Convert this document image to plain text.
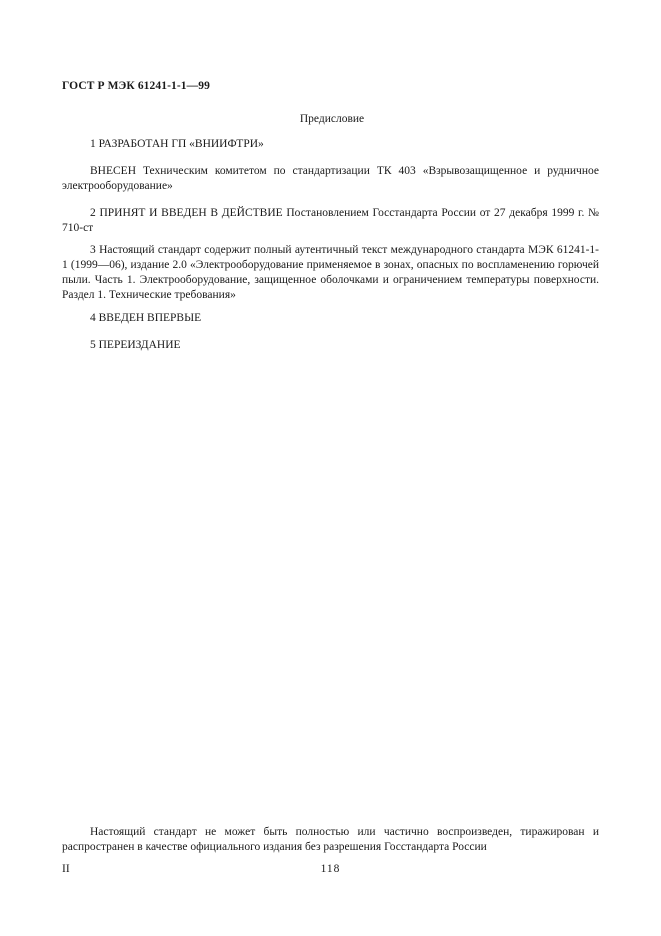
ГОСТ Р МЭК 61241-1-1—99
Предисловие
1 РАЗРАБОТАН ГП «ВНИИФТРИ»
ВНЕСЕН Техническим комитетом по стандартизации ТК 403 «Взрывозащищенное и рудничное электрооборудование»
2 ПРИНЯТ И ВВЕДЕН В ДЕЙСТВИЕ Постановлением Госстандарта России от 27 декабря 1999 г. № 710-ст
3 Настоящий стандарт содержит полный аутентичный текст международного стандарта МЭК 61241-1-1 (1999—06), издание 2.0 «Электрооборудование применяемое в зонах, опасных по воспламенению горючей пыли. Часть 1. Электрооборудование, защищенное оболочками и ограничением температуры поверхности. Раздел 1. Технические требования»
4 ВВЕДЕН ВПЕРВЫЕ
5 ПЕРЕИЗДАНИЕ
Настоящий стандарт не может быть полностью или частично воспроизведен, тиражирован и распространен в качестве официального издания без разрешения Госстандарта России
II	118
